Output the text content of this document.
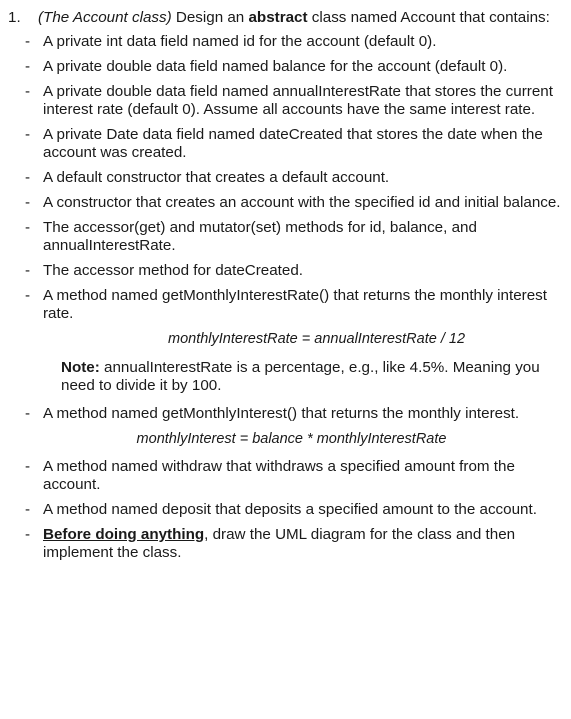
1.	(The Account class) Design an abstract class named Account that contains:
- A private int data field named id for the account (default 0).
- A private double data field named balance for the account (default 0).
- A private double data field named annualInterestRate that stores the current interest rate (default 0). Assume all accounts have the same interest rate.
- A private Date data field named dateCreated that stores the date when the account was created.
- A default constructor that creates a default account.
- A constructor that creates an account with the specified id and initial balance.
- The accessor(get) and mutator(set) methods for id, balance, and annualInterestRate.
- The accessor method for dateCreated.
- A method named getMonthlyInterestRate() that returns the monthly interest rate.
monthlyInterestRate = annualInterestRate / 12
Note: annualInterestRate is a percentage, e.g., like 4.5%. Meaning you need to divide it by 100.
- A method named getMonthlyInterest() that returns the monthly interest.
monthlyInterest = balance * monthlyInterestRate
- A method named withdraw that withdraws a specified amount from the account.
- A method named deposit that deposits a specified amount to the account.
- Before doing anything, draw the UML diagram for the class and then implement the class.
